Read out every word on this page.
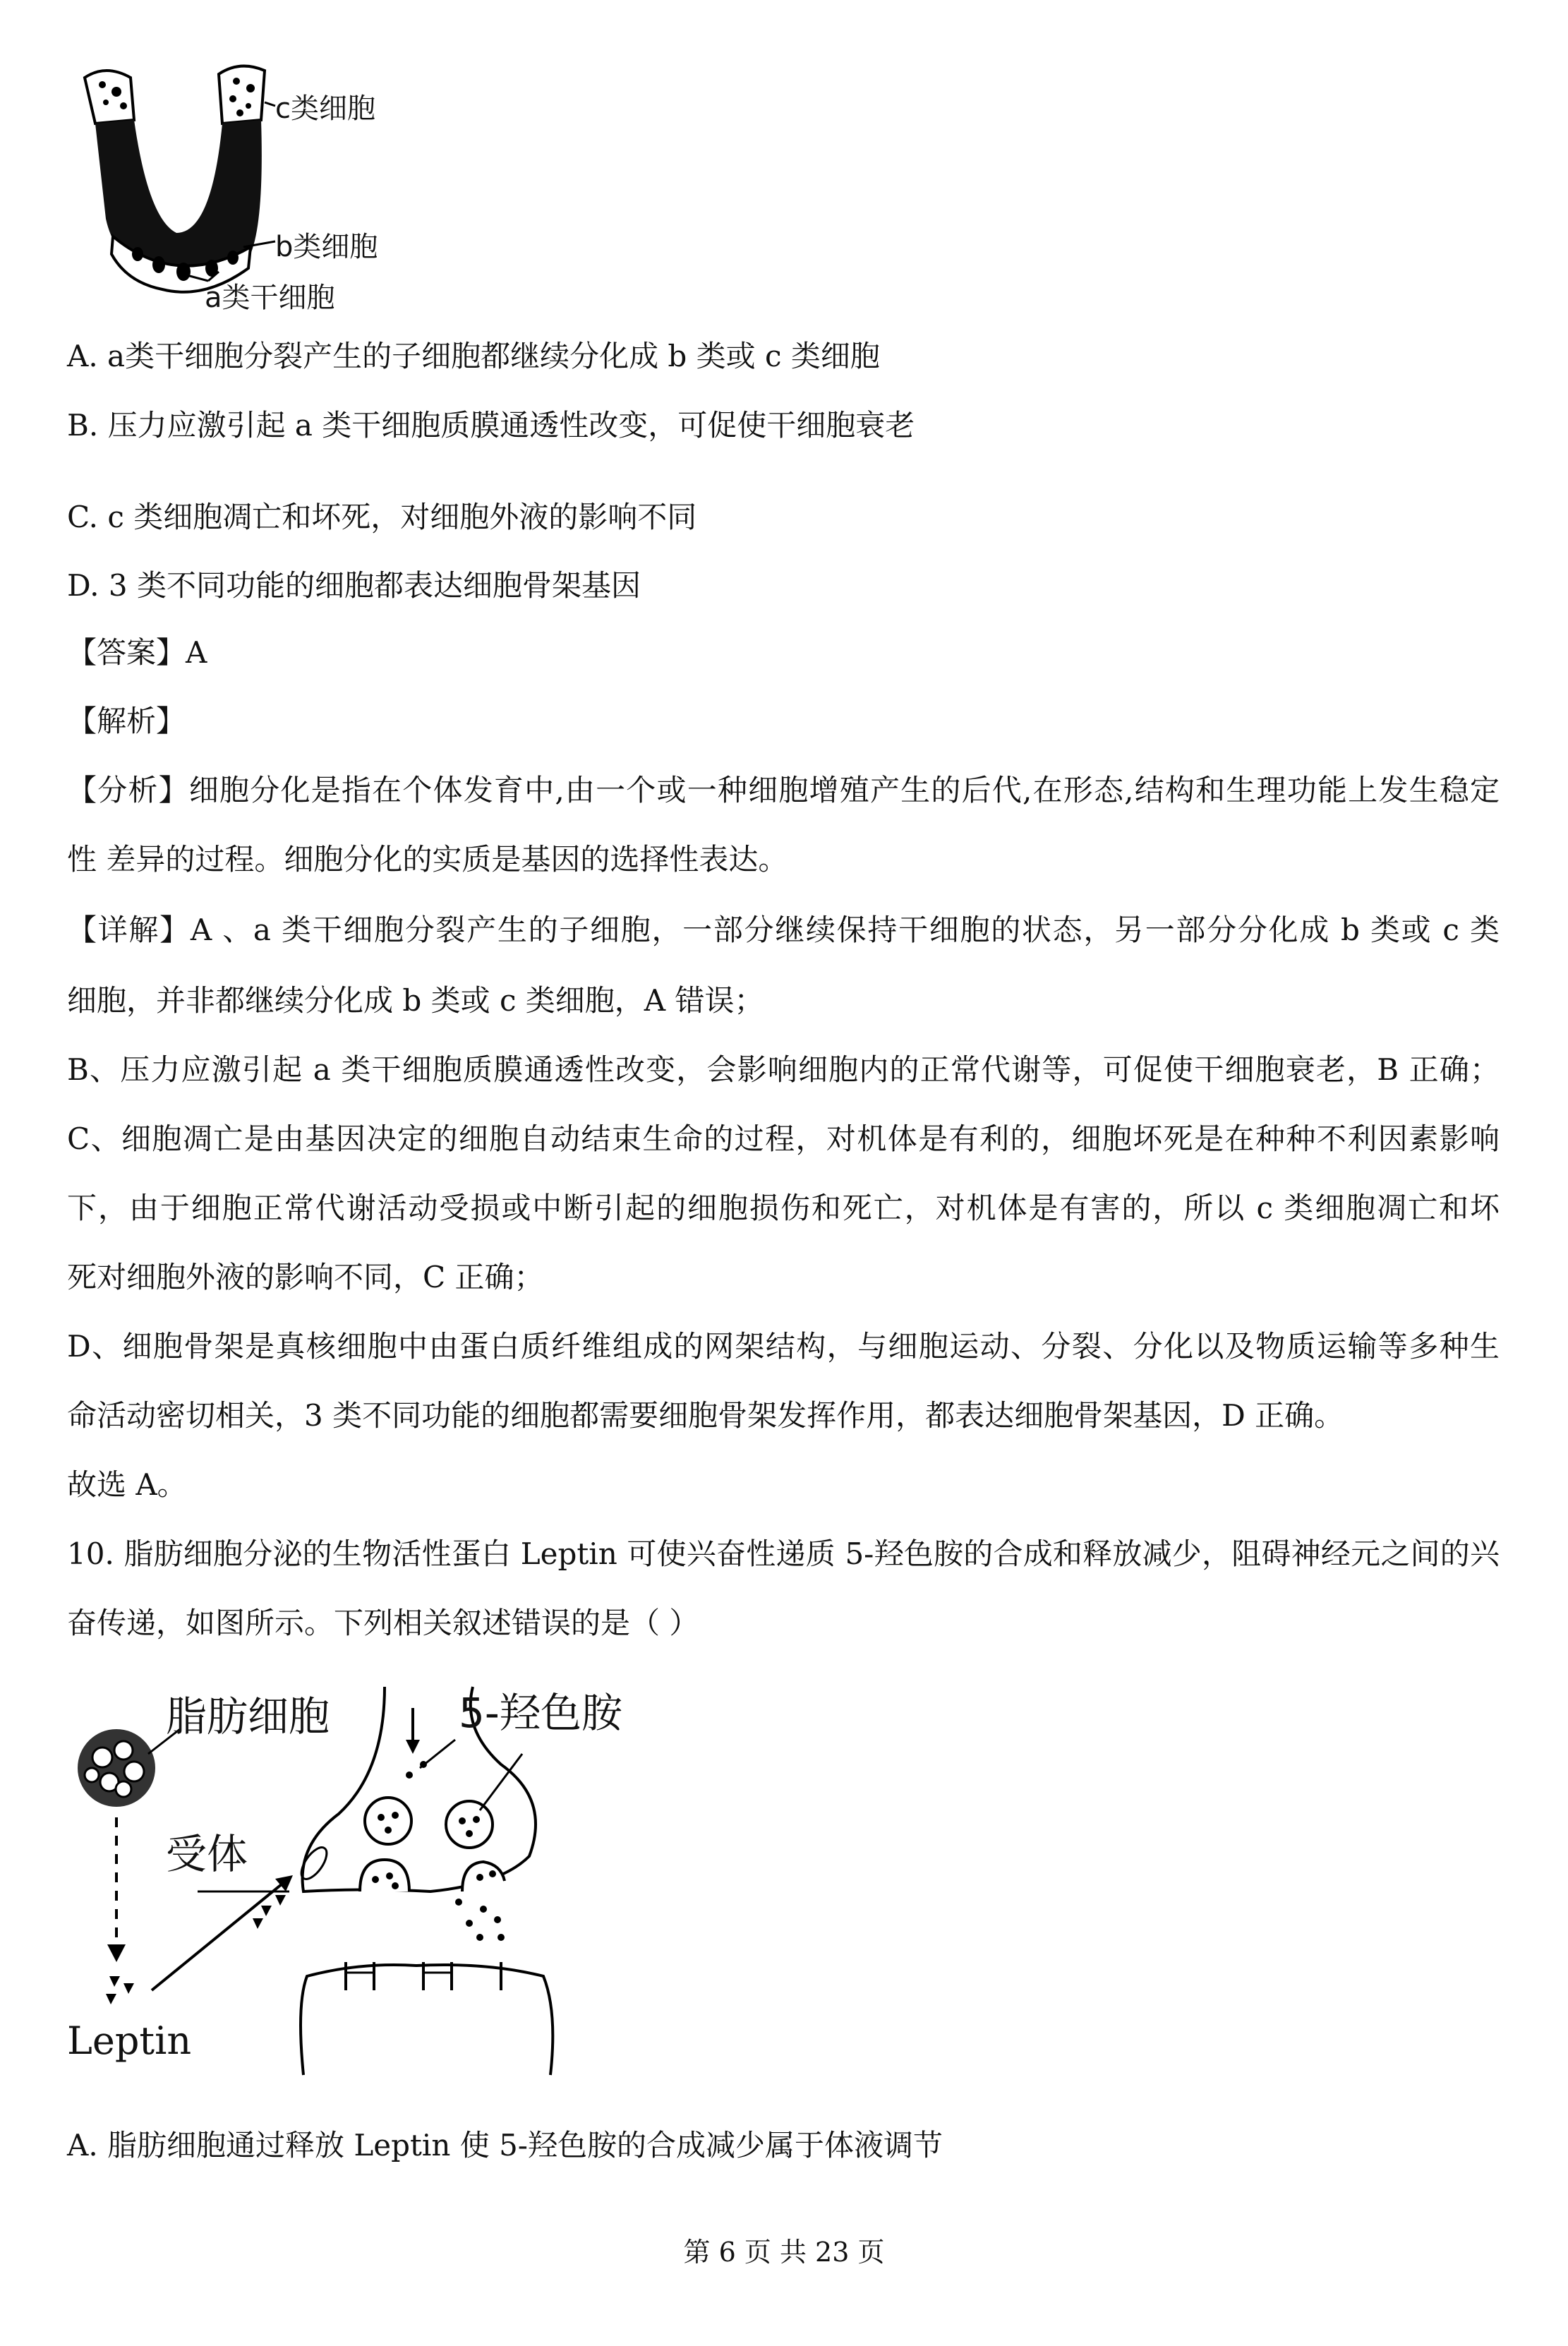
c类细胞
b类细胞
a类干细胞
A. a类干细胞分裂产生的子细胞都继续分化成 b 类或 c 类细胞
B. 压力应激引起 a 类干细胞质膜通透性改变，可促使干细胞衰老
C. c 类细胞凋亡和坏死，对细胞外液的影响不同
D. 3 类不同功能的细胞都表达细胞骨架基因
【答案】A
【解析】
【分析】细胞分化是指在个体发育中,由一个或一种细胞增殖产生的后代,在形态,结构和生理功能上发生稳定
性 差异的过程。细胞分化的实质是基因的选择性表达。
【详解】A 、a 类干细胞分裂产生的子细胞，一部分继续保持干细胞的状态，另一部分分化成 b 类或 c 类
细胞，并非都继续分化成 b 类或 c 类细胞，A 错误；
B、压力应激引起 a 类干细胞质膜通透性改变，会影响细胞内的正常代谢等，可促使干细胞衰老，B 正确；
C、细胞凋亡是由基因决定的细胞自动结束生命的过程，对机体是有利的，细胞坏死是在种种不利因素影响
下，由于细胞正常代谢活动受损或中断引起的细胞损伤和死亡，对机体是有害的，所以 c 类细胞凋亡和坏
死对细胞外液的影响不同，C 正确；
D、细胞骨架是真核细胞中由蛋白质纤维组成的网架结构，与细胞运动、分裂、分化以及物质运输等多种生
命活动密切相关，3 类不同功能的细胞都需要细胞骨架发挥作用，都表达细胞骨架基因，D 正确。
故选 A。
10. 脂肪细胞分泌的生物活性蛋白 Leptin 可使兴奋性递质 5-羟色胺的合成和释放减少，阻碍神经元之间的兴
奋传递，如图所示。下列相关叙述错误的是（ ）
脂肪细胞	5-羟色胺
受体
Leptin
A. 脂肪细胞通过释放 Leptin 使 5-羟色胺的合成减少属于体液调节
第 6 页 共 23 页
